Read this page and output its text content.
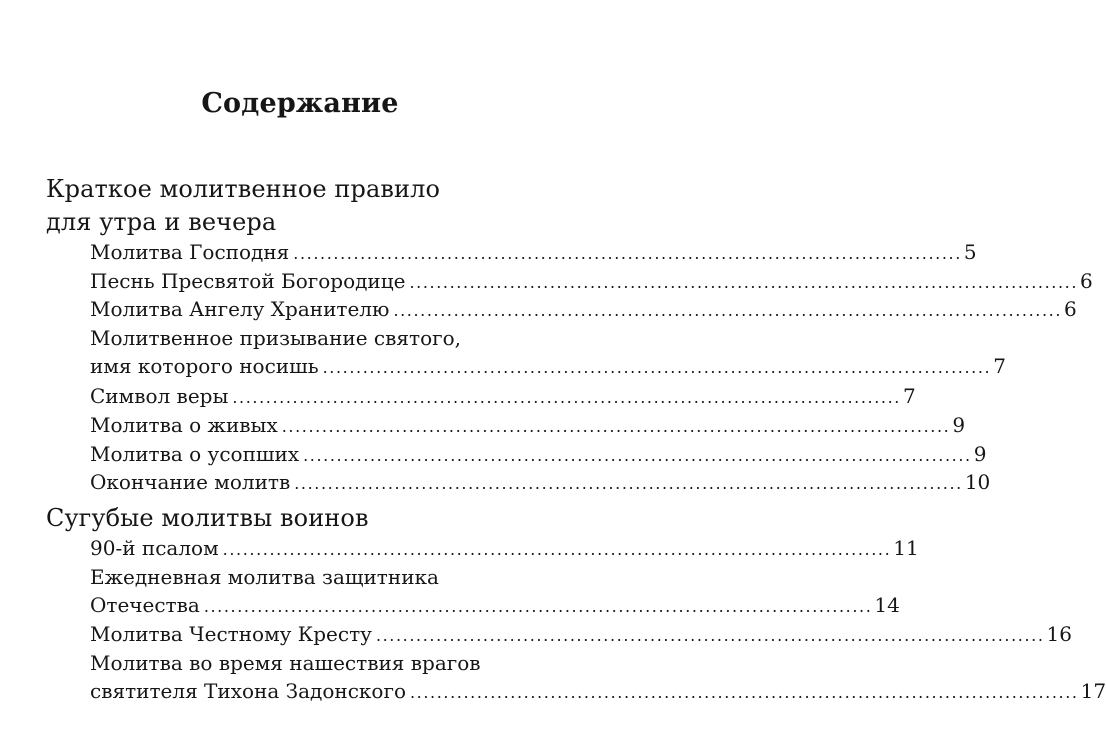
Содержание
Краткое молитвенное правило
для утра и вечера
Молитва Господня .................................................................................................... 5
Песнь Пресвятой Богородице .................................................................................................... 6
Молитва Ангелу Хранителю .................................................................................................... 6
Молитвенное призывание святого,
имя которого носишь .................................................................................................... 7
Символ веры .................................................................................................... 7
Молитва о живых .................................................................................................... 9
Молитва о усопших .................................................................................................... 9
Окончание молитв .................................................................................................... 10
Сугубые молитвы воинов
90-й псалом .................................................................................................... 11
Ежедневная молитва защитника
Отечества .................................................................................................... 14
Молитва Честному Кресту .................................................................................................... 16
Молитва во время нашествия врагов
святителя Тихона Задонского .................................................................................................... 17
